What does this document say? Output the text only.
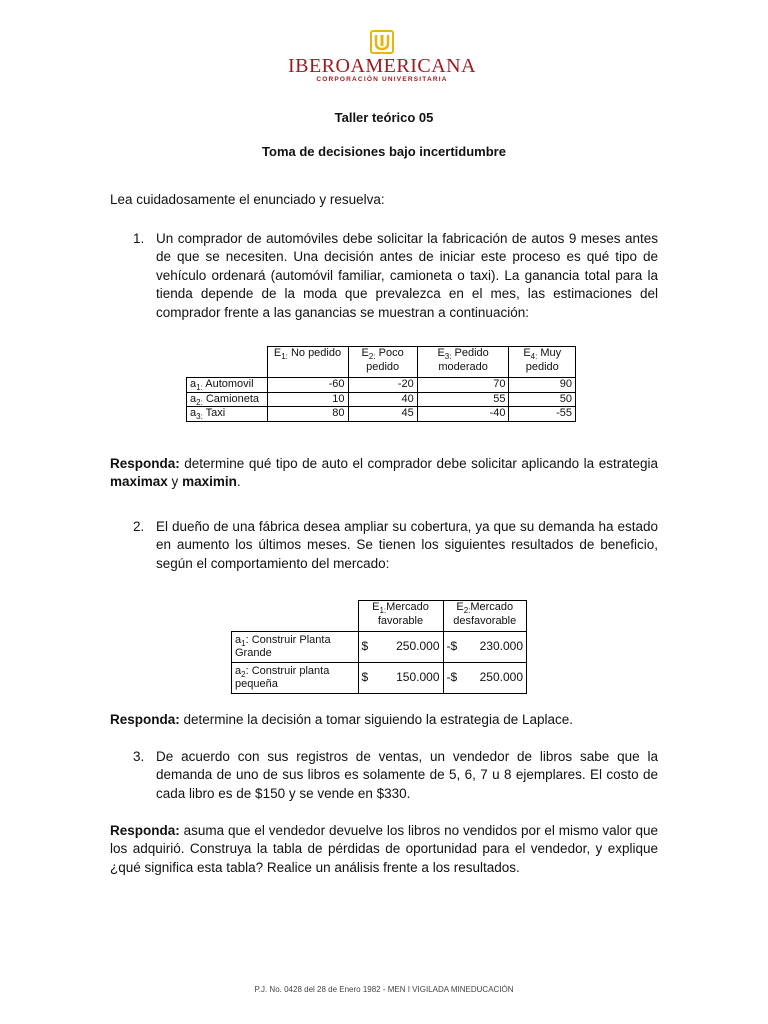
IBEROAMERICANA
CORPORACIÓN UNIVERSITARIA
Taller teórico 05
Toma de decisiones bajo incertidumbre
Lea cuidadosamente el enunciado y resuelva:
1. Un comprador de automóviles debe solicitar la fabricación de autos 9 meses antes de que se necesiten. Una decisión antes de iniciar este proceso es qué tipo de vehículo ordenará (automóvil familiar, camioneta o taxi). La ganancia total para la tienda depende de la moda que prevalezca en el mes, las estimaciones del comprador frente a las ganancias se muestran a continuación:
	$E_{1:}$ No pedido	$E_{2:}$ Poco pedido	$E_{3:}$ Pedido moderado	$E_{4:}$ Muy pedido
$a_{1:}$ Automovil	-60	-20	70	90
$a_{2:}$ Camioneta	10	40	55	50
$a_{3:}$ Taxi	80	45	-40	-55
Responda: determine qué tipo de auto el comprador debe solicitar aplicando la estrategia maximax y maximin.
2. El dueño de una fábrica desea ampliar su cobertura, ya que su demanda ha estado en aumento los últimos meses. Se tienen los siguientes resultados de beneficio, según el comportamiento del mercado:
	$E_{1:}Mercado$ favorable	$E_{2:}Mercado$ desfavorable
$a_1$: Construir Planta Grande	$ 250.000	-$ 230.000

$a_2$: Construir planta pequeña	$ 150.000	-$ 250.000
Responda: determine la decisión a tomar siguiendo la estrategia de Laplace.
3. De acuerdo con sus registros de ventas, un vendedor de libros sabe que la demanda de uno de sus libros es solamente de 5, 6, 7 u 8 ejemplares. El costo de cada libro es de $150 y se vende en $330.
Responda: asuma que el vendedor devuelve los libros no vendidos por el mismo valor que los adquirió. Construya la tabla de pérdidas de oportunidad para el vendedor, y explique ¿qué significa esta tabla? Realice un análisis frente a los resultados.
P.J. No. 0428 del 28 de Enero 1982 - MEN I VIGILADA MINEDUCACIÓN
